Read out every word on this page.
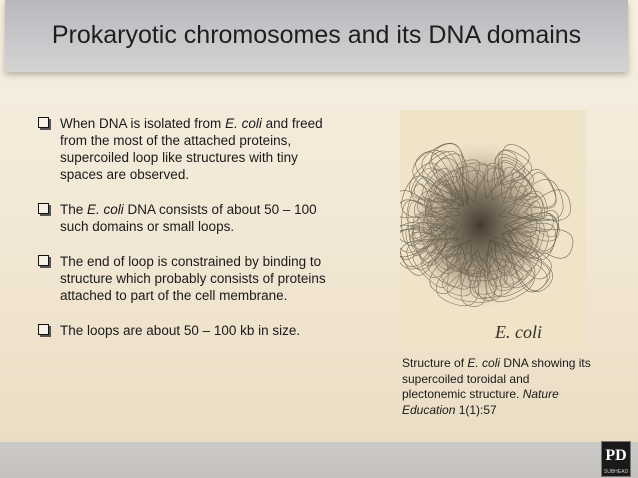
Prokaryotic chromosomes and its DNA domains
When DNA is isolated from E. coli and freed from the most of the attached proteins, supercoiled loop like structures with tiny spaces are observed.
The E. coli DNA consists of about 50 – 100 such domains or small loops.
The end of loop is constrained by binding to structure which probably consists of proteins attached to part of the cell membrane.
The loops are about 50 – 100 kb in size.	E. coli
Structure of E. coli DNA showing its supercoiled toroidal and plectonemic structure. Nature Education 1(1):57
PD
SUBHEAD
